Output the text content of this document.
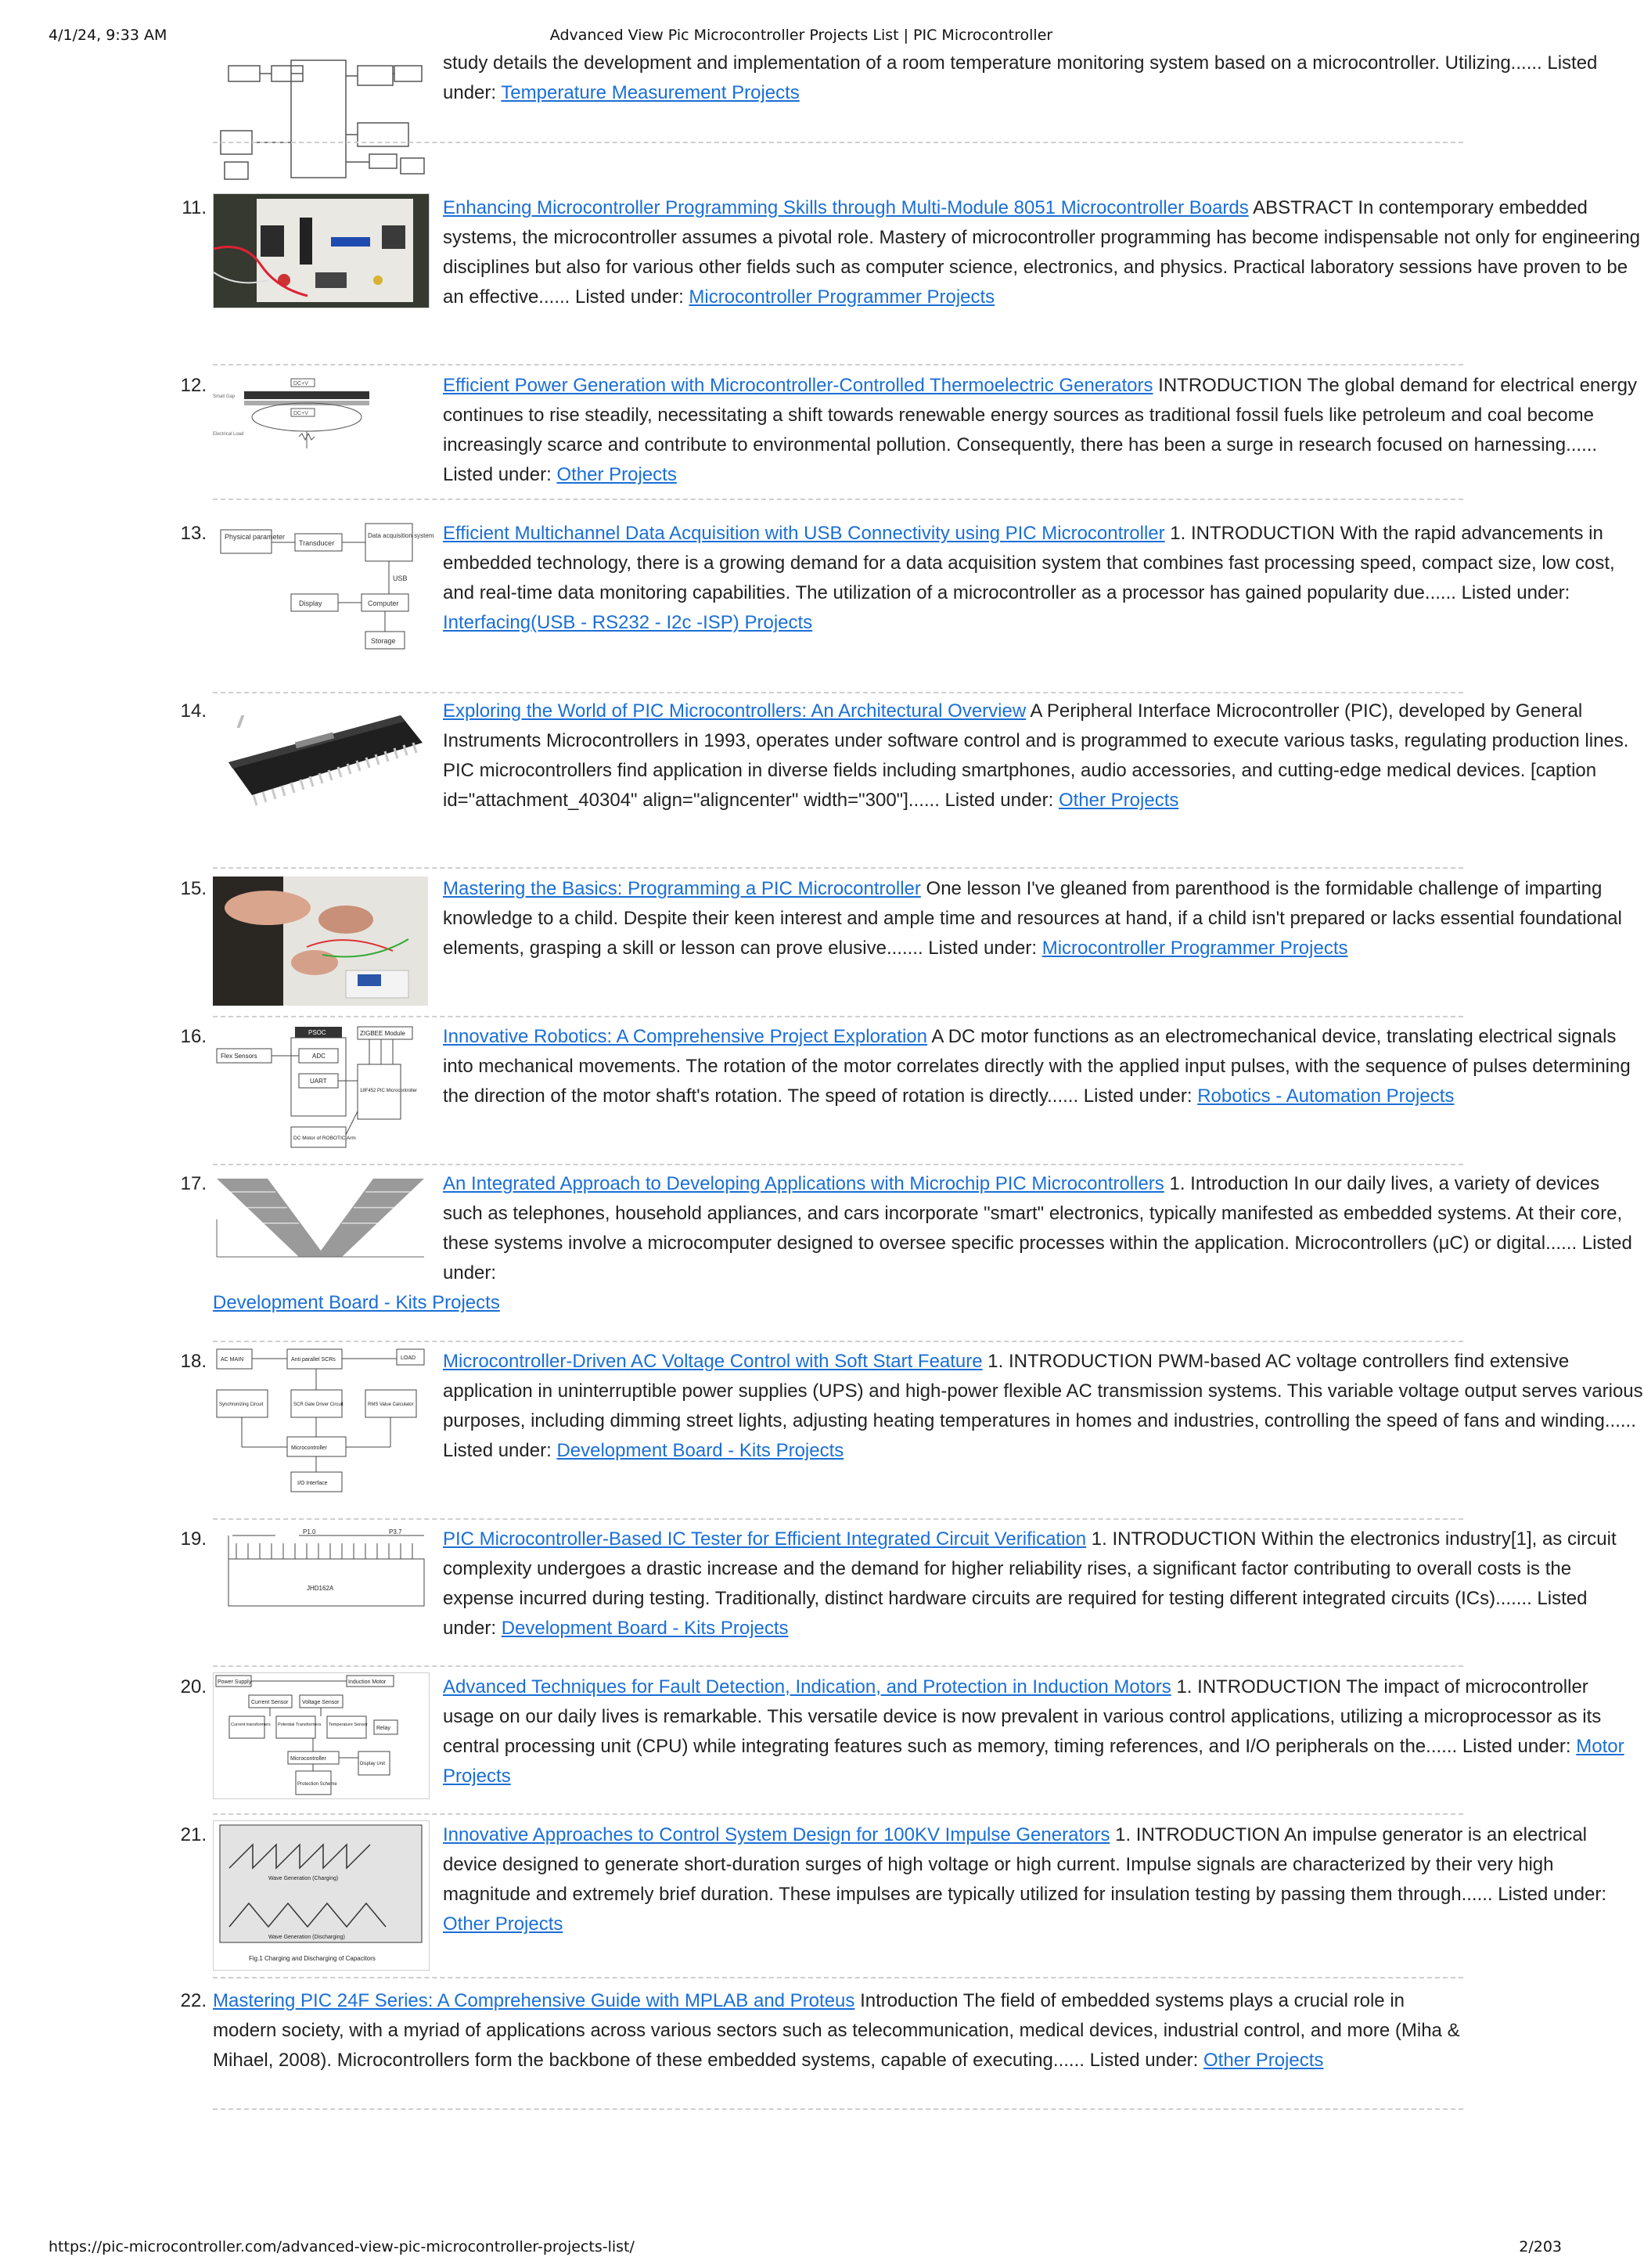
4/1/24, 9:33 AM	Advanced View Pic Microcontroller Projects List | PIC Microcontroller
study details the development and implementation of a room temperature monitoring system based on a microcontroller. Utilizing...... Listed under: Temperature Measurement Projects
11.	Enhancing Microcontroller Programming Skills through Multi-Module 8051 Microcontroller Boards ABSTRACT In contemporary embedded systems, the microcontroller assumes a pivotal role. Mastery of microcontroller programming has become indispensable not only for engineering disciplines but also for various other fields such as computer science, electronics, and physics. Practical laboratory sessions have proven to be an effective...... Listed under: Microcontroller Programmer Projects
12.	DC+V
DC+V
Small Gap
Electrical Load
Efficient Power Generation with Microcontroller-Controlled Thermoelectric Generators INTRODUCTION The global demand for electrical energy continues to rise steadily, necessitating a shift towards renewable energy sources as traditional fossil fuels like petroleum and coal become increasingly scarce and contribute to environmental pollution. Consequently, there has been a surge in research focused on harnessing...... Listed under: Other Projects
13.	Physical parameter
Transducer
Data acquisition system
USB
Display	Computer
Storage
Efficient Multichannel Data Acquisition with USB Connectivity using PIC Microcontroller 1. INTRODUCTION With the rapid advancements in embedded technology, there is a growing demand for a data acquisition system that combines fast processing speed, compact size, low cost, and real-time data monitoring capabilities. The utilization of a microcontroller as a processor has gained popularity due...... Listed under: Interfacing(USB - RS232 - I2c -ISP) Projects
14.	Exploring the World of PIC Microcontrollers: An Architectural Overview A Peripheral Interface Microcontroller (PIC), developed by General Instruments Microcontrollers in 1993, operates under software control and is programmed to execute various tasks, regulating production lines. PIC microcontrollers find application in diverse fields including smartphones, audio accessories, and cutting-edge medical devices. [caption id="attachment_40304" align="aligncenter" width="300"]...... Listed under: Other Projects
15.	Mastering the Basics: Programming a PIC Microcontroller One lesson I've gleaned from parenthood is the formidable challenge of imparting knowledge to a child. Despite their keen interest and ample time and resources at hand, if a child isn't prepared or lacks essential foundational elements, grasping a skill or lesson can prove elusive....... Listed under: Microcontroller Programmer Projects
16.	PSOC
Flex Sensors
ZIGBEE Module
ADC
UART
18F452 PIC Microcontroller
DC Motor of ROBOTIC Arm
Innovative Robotics: A Comprehensive Project Exploration A DC motor functions as an electromechanical device, translating electrical signals into mechanical movements. The rotation of the motor correlates directly with the applied input pulses, with the sequence of pulses determining the direction of the motor shaft's rotation. The speed of rotation is directly...... Listed under: Robotics - Automation Projects
17.	An Integrated Approach to Developing Applications with Microchip PIC Microcontrollers 1. Introduction In our daily lives, a variety of devices such as telephones, household appliances, and cars incorporate "smart" electronics, typically manifested as embedded systems. At their core, these systems involve a microcomputer designed to oversee specific processes within the application. Microcontrollers (μC) or digital...... Listed under:
Development Board - Kits Projects
18.	AC MAIN	Anti parallel SCRs	LOAD
Synchronizing Circuit	SCR Gate Driver Circuit	RMS Value Calculator
Microcontroller
I/O Interface
Microcontroller-Driven AC Voltage Control with Soft Start Feature 1. INTRODUCTION PWM-based AC voltage controllers find extensive application in uninterruptible power supplies (UPS) and high-power flexible AC transmission systems. This variable voltage output serves various purposes, including dimming street lights, adjusting heating temperatures in homes and industries, controlling the speed of fans and winding...... Listed under: Development Board - Kits Projects
19.	P1.0	P3.7
JHD162A
PIC Microcontroller-Based IC Tester for Efficient Integrated Circuit Verification 1. INTRODUCTION Within the electronics industry[1], as circuit complexity undergoes a drastic increase and the demand for higher reliability rises, a significant factor contributing to overall costs is the expense incurred during testing. Traditionally, distinct hardware circuits are required for testing different integrated circuits (ICs)....... Listed under: Development Board - Kits Projects
20. Power Supply	Induction Motor
Current Sensor	Voltage Sensor
Current transformers Potential Transformers Temperature Sensor
Relay
Microcontroller
Display Unit
Protection Scheme
Advanced Techniques for Fault Detection, Indication, and Protection in Induction Motors 1. INTRODUCTION The impact of microcontroller usage on our daily lives is remarkable. This versatile device is now prevalent in various control applications, utilizing a microprocessor as its central processing unit (CPU) while integrating features such as memory, timing references, and I/O peripherals on the...... Listed under: Motor Projects
21.
Wave Generation (Charging)
Wave Generation (Discharging)
Fig.1 Charging and Discharging of Capacitors
Innovative Approaches to Control System Design for 100KV Impulse Generators 1. INTRODUCTION An impulse generator is an electrical device designed to generate short-duration surges of high voltage or high current. Impulse signals are characterized by their very high magnitude and extremely brief duration. These impulses are typically utilized for insulation testing by passing them through...... Listed under: Other Projects
22. Mastering PIC 24F Series: A Comprehensive Guide with MPLAB and Proteus Introduction The field of embedded systems plays a crucial role in modern society, with a myriad of applications across various sectors such as telecommunication, medical devices, industrial control, and more (Miha & Mihael, 2008). Microcontrollers form the backbone of these embedded systems, capable of executing...... Listed under: Other Projects
https://pic-microcontroller.com/advanced-view-pic-microcontroller-projects-list/	2/203
